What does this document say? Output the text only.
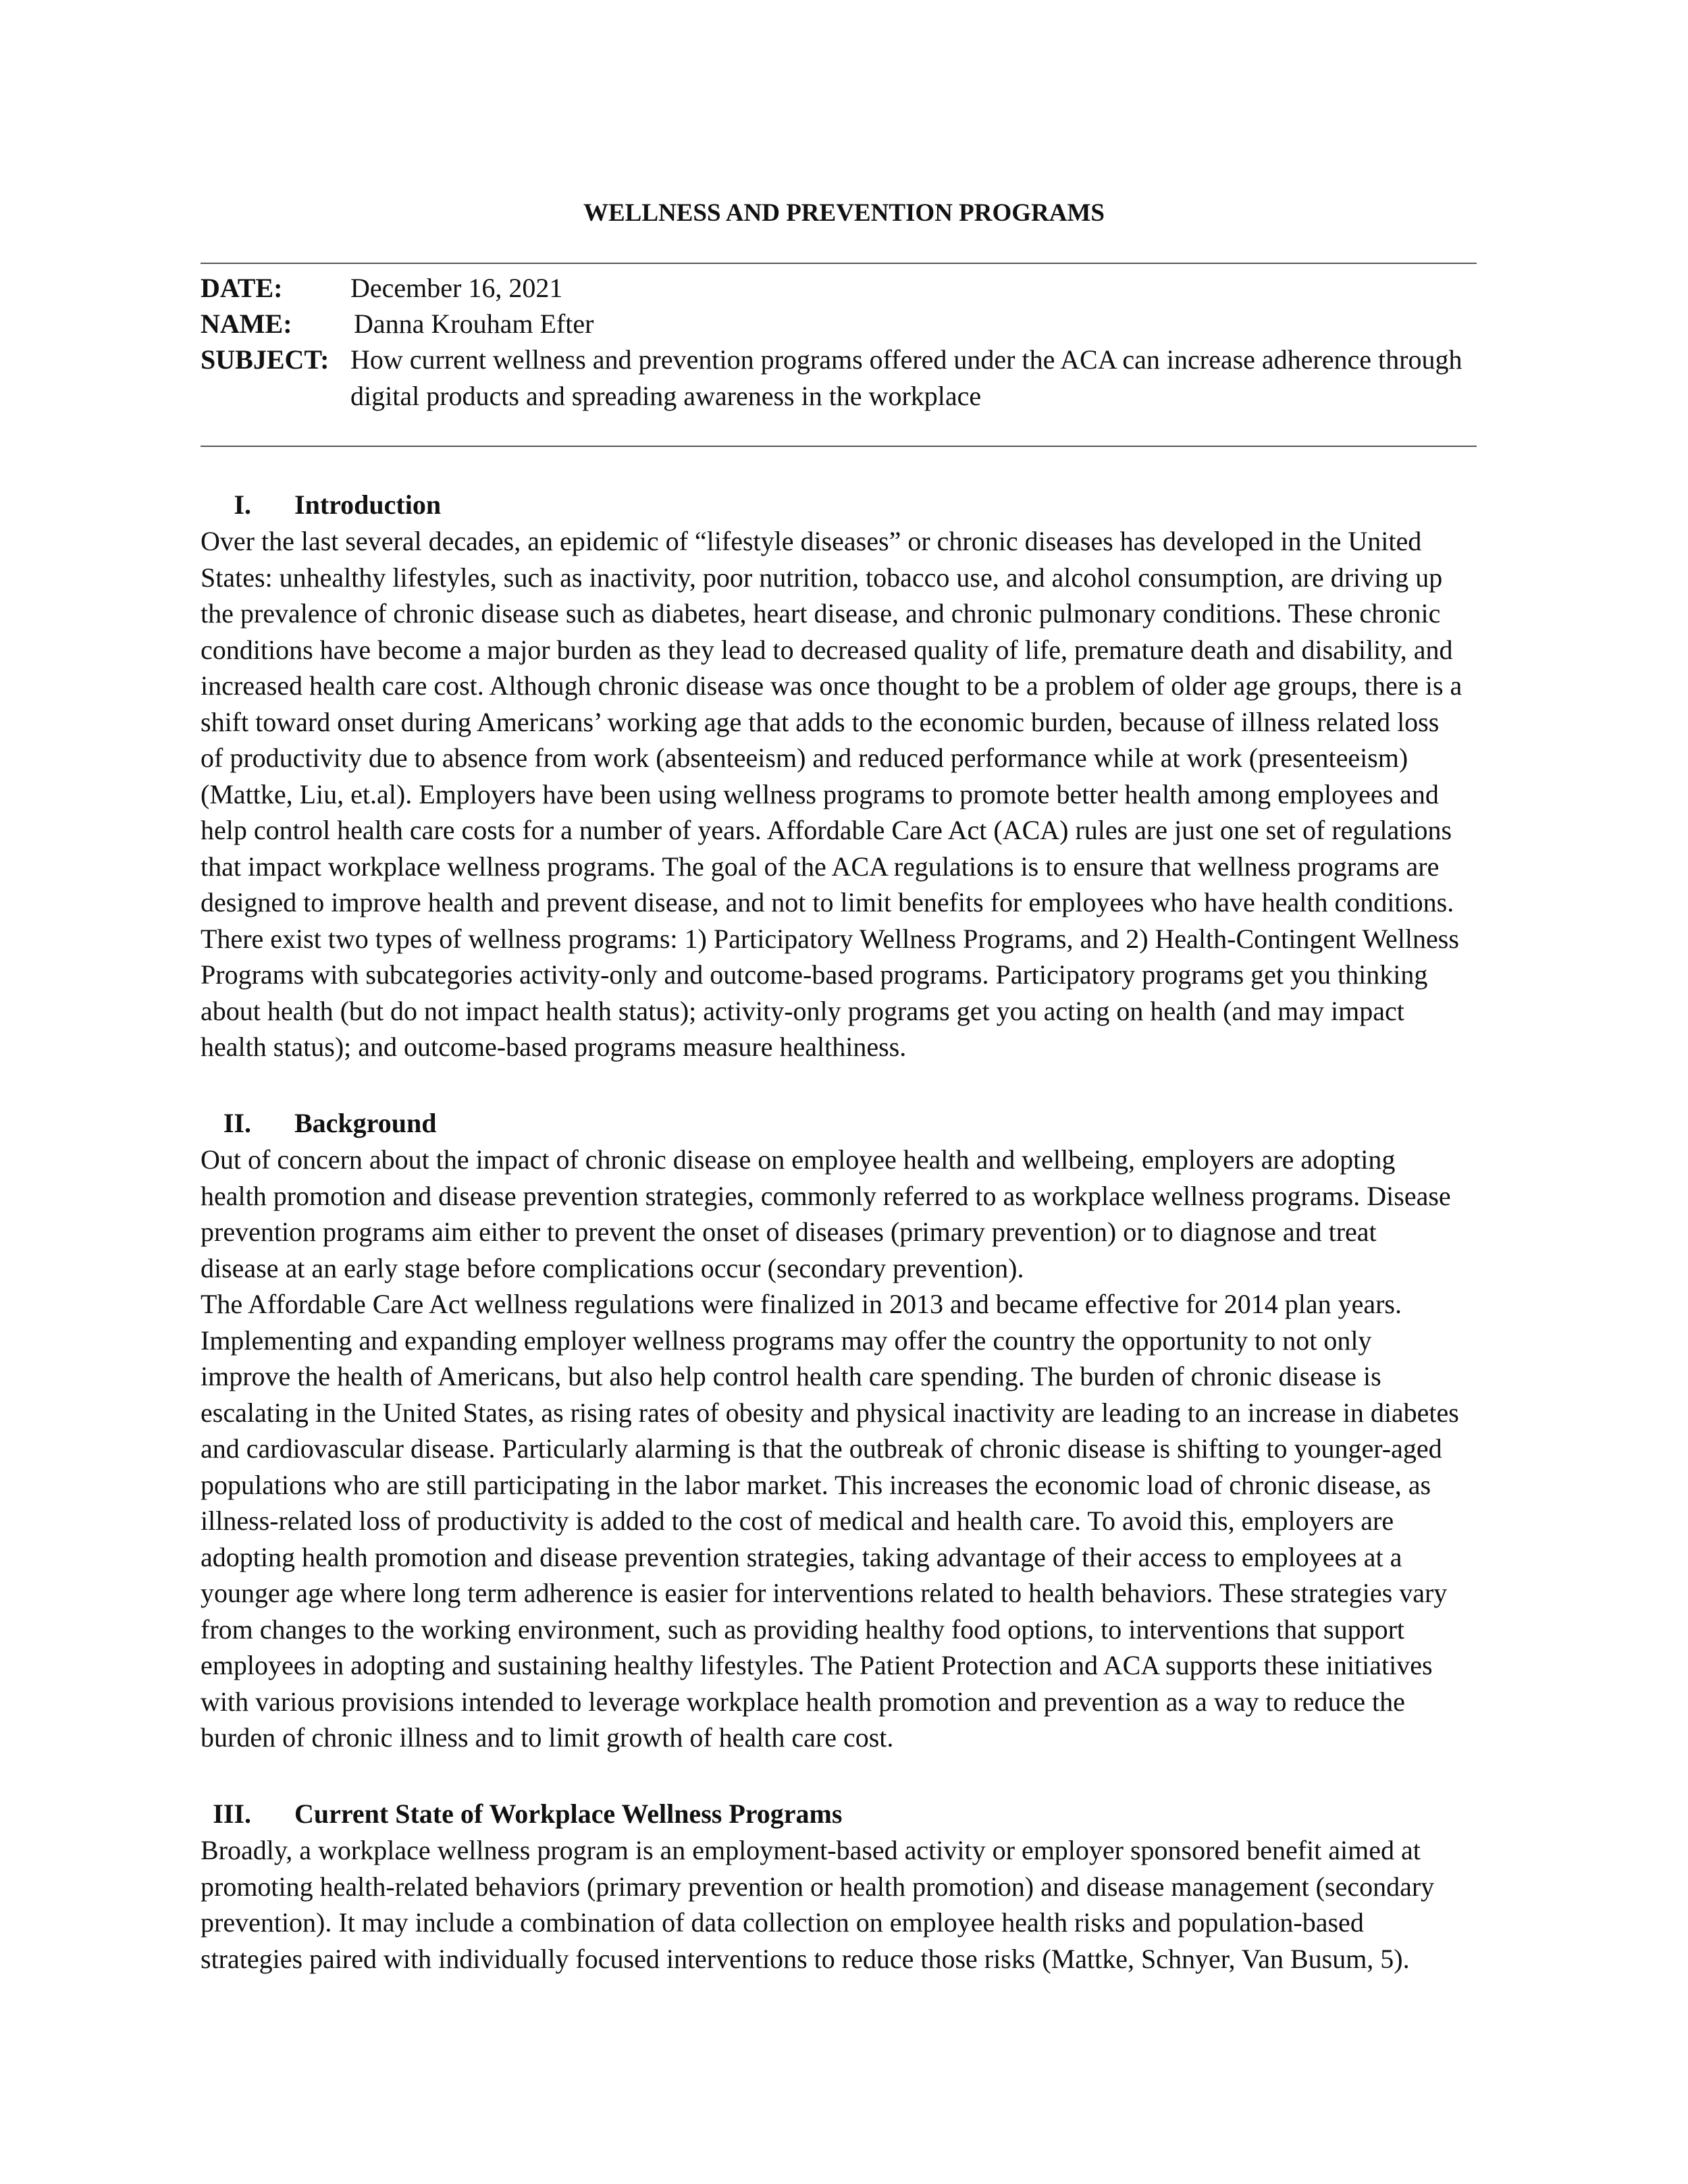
WELLNESS AND PREVENTION PROGRAMS
DATE:	December 16, 2021
NAME: Danna Krouham Efter
SUBJECT: How current wellness and prevention programs offered under the ACA can increase adherence through
digital products and spreading awareness in the workplace
I. Introduction
Over the last several decades, an epidemic of “lifestyle diseases” or chronic diseases has developed in the United
States: unhealthy lifestyles, such as inactivity, poor nutrition, tobacco use, and alcohol consumption, are driving up
the prevalence of chronic disease such as diabetes, heart disease, and chronic pulmonary conditions. These chronic
conditions have become a major burden as they lead to decreased quality of life, premature death and disability, and
increased health care cost. Although chronic disease was once thought to be a problem of older age groups, there is a
shift toward onset during Americans’ working age that adds to the economic burden, because of illness related loss
of productivity due to absence from work (absenteeism) and reduced performance while at work (presenteeism)
(Mattke, Liu, et.al). Employers have been using wellness programs to promote better health among employees and
help control health care costs for a number of years. Affordable Care Act (ACA) rules are just one set of regulations
that impact workplace wellness programs. The goal of the ACA regulations is to ensure that wellness programs are
designed to improve health and prevent disease, and not to limit benefits for employees who have health conditions.
There exist two types of wellness programs: 1) Participatory Wellness Programs, and 2) Health-Contingent Wellness
Programs with subcategories activity-only and outcome-based programs. Participatory programs get you thinking
about health (but do not impact health status); activity-only programs get you acting on health (and may impact
health status); and outcome-based programs measure healthiness.
II. Background
Out of concern about the impact of chronic disease on employee health and wellbeing, employers are adopting
health promotion and disease prevention strategies, commonly referred to as workplace wellness programs. Disease
prevention programs aim either to prevent the onset of diseases (primary prevention) or to diagnose and treat
disease at an early stage before complications occur (secondary prevention).
The Affordable Care Act wellness regulations were finalized in 2013 and became effective for 2014 plan years.
Implementing and expanding employer wellness programs may offer the country the opportunity to not only
improve the health of Americans, but also help control health care spending. The burden of chronic disease is
escalating in the United States, as rising rates of obesity and physical inactivity are leading to an increase in diabetes
and cardiovascular disease. Particularly alarming is that the outbreak of chronic disease is shifting to younger-aged
populations who are still participating in the labor market. This increases the economic load of chronic disease, as
illness-related loss of productivity is added to the cost of medical and health care. To avoid this, employers are
adopting health promotion and disease prevention strategies, taking advantage of their access to employees at a
younger age where long term adherence is easier for interventions related to health behaviors. These strategies vary
from changes to the working environment, such as providing healthy food options, to interventions that support
employees in adopting and sustaining healthy lifestyles. The Patient Protection and ACA supports these initiatives
with various provisions intended to leverage workplace health promotion and prevention as a way to reduce the
burden of chronic illness and to limit growth of health care cost.
III. Current State of Workplace Wellness Programs
Broadly, a workplace wellness program is an employment-based activity or employer sponsored benefit aimed at
promoting health-related behaviors (primary prevention or health promotion) and disease management (secondary
prevention). It may include a combination of data collection on employee health risks and population-based
strategies paired with individually focused interventions to reduce those risks (Mattke, Schnyer, Van Busum, 5).
